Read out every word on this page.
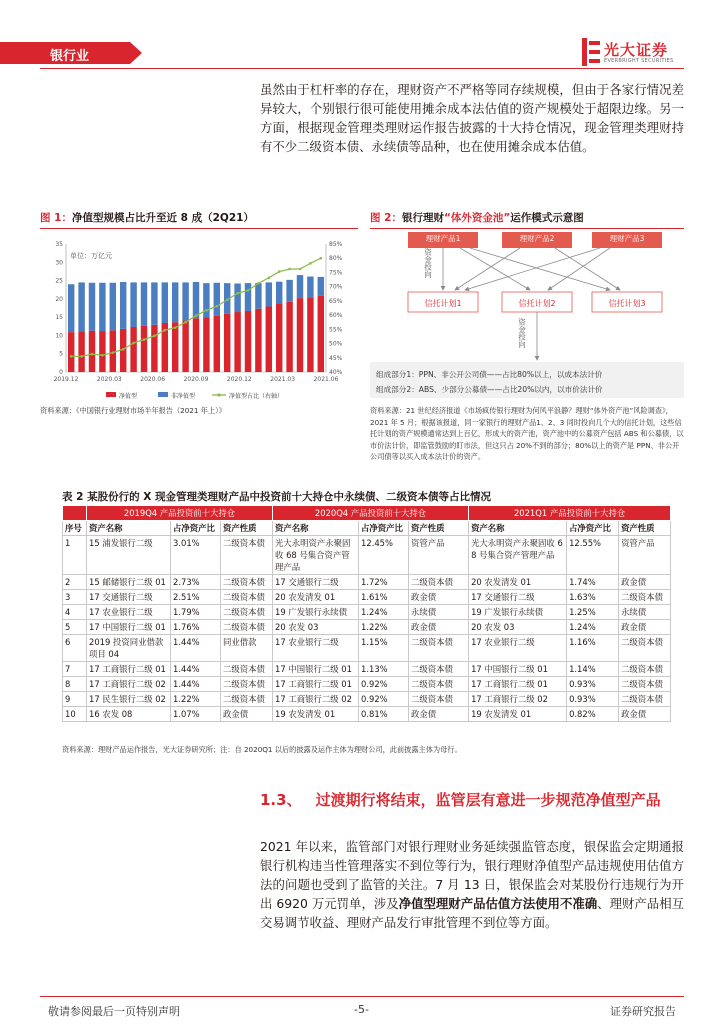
银行业	光大证券
EVERBRIGHT SECURITIES

虽然由于杠杆率的存在，理财资产不严格等同存续规模，但由于各家行情况差异较大，个别银行很可能使用摊余成本法估值的资产规模处于超限边缘。另一方面，根据现金管理类理财运作报告披露的十大持仓情况，现金管理类理财持有不少二级资本债、永续债等品种，也在使用摊余成本估值。

图 1：净值型规模占比升至近 8 成（2Q21）
单位：万亿元
0
5
10
15
20
25
30
35
40%
45%
50%
55%
60%
65%
70%
75%
80%
85%
2019.12	2020.03	2020.06	2020.09	2020.12	2021.03	2021.06
净值型	非净值型	净值型占比（右轴）
资料来源：《中国银行业理财市场半年报告（2021 年上）》
图 2：银行理财“体外资金池”运作模式示意图
理财产品1	理财产品2	理财产品3
资金投向
信托计划1	信托计划2	信托计划3
资金投向
组成部分1：PPN、非公开公司债——占比80%以上，以成本法计价
组成部分2：ABS、少部分公募债——占比20%以内，以市价法计价
资料来源：21 世纪经济报道《市场疯传银行理财为何风平浪静？理财“体外资产池”风险调查》，2021 年 5 月；根据该报道，同一家银行的理财产品1、2、3 同时投向几个大的信托计划，这些信托计划的资产规模通常达到上百亿，形成大的资产池，资产池中的公募资产包括 ABS 和公募债，以市价法计价，即监管鼓励的盯市法，但这只占 20%不到的部分；80%以上的资产是 PPN、非公开公司债等以买入成本法计价的资产。
表 2 某股份行的 X 现金管理类理财产品中投资前十大持仓中永续债、二级资本债等占比情况
	2019Q4 产品投资前十大持仓			2020Q4 产品投资前十大持仓			2021Q1 产品投资前十大持仓		
序号	资产名称	占净资产比	资产性质	资产名称	占净资产比	资产性质	资产名称	占净资产比	资产性质
1	15 浦发银行二级	3.01%	二级资本债	光大永明资产永聚固收 68 号集合资产管理产品	12.45%	资管产品	光大永明资产永聚固收 68 号集合资产管理产品	12.55%	资管产品
2	15 邮储银行二级 01	2.73%	二级资本债	17 交通银行二级	1.72%	二级资本债	20 农发清发 01	1.74%	政金债
3	17 交通银行二级	2.51%	二级资本债	20 农发清发 01	1.61%	政金债	17 交通银行二级	1.63%	二级资本债
4	17 农业银行二级	1.79%	二级资本债	19 广发银行永续债	1.24%	永续债	19 广发银行永续债	1.25%	永续债
5	17 中国银行二级 01	1.76%	二级资本债	20 农发 03	1.22%	政金债	20 农发 03	1.24%	政金债
6	2019 投资同业借款项目 04	1.44%	同业借款	17 农业银行二级	1.15%	二级资本债	17 农业银行二级	1.16%	二级资本债
7	17 工商银行二级 01	1.44%	二级资本债	17 中国银行二级 01	1.13%	二级资本债	17 中国银行二级 01	1.14%	二级资本债
8	17 工商银行二级 02	1.44%	二级资本债	17 工商银行二级 01	0.92%	二级资本债	17 工商银行二级 01	0.93%	二级资本债
9	17 民生银行二级 02	1.22%	二级资本债	17 工商银行二级 02	0.92%	二级资本债	17 工商银行二级 02	0.93%	二级资本债
10	16 农发 08	1.07%	政金债	19 农发清发 01	0.81%	政金债	19 农发清发 01	0.82%	政金债
资料来源：理财产品运作报告，光大证券研究所；注：自 2020Q1 以后的披露及运作主体为理财公司，此前披露主体为母行。
1.3、 过渡期行将结束，监管层有意进一步规范净值型产品

2021 年以来，监管部门对银行理财业务延续强监管态度，银保监会定期通报银行机构违当性管理落实不到位等行为，银行理财净值型产品违规使用估值方法的问题也受到了监管的关注。7 月 13 日，银保监会对某股份行违规行为开出 6920 万元罚单，涉及净值型理财产品估值方法使用不准确、理财产品相互交易调节收益、理财产品发行审批管理不到位等方面。

敬请参阅最后一页特别声明	-5-	证券研究报告
